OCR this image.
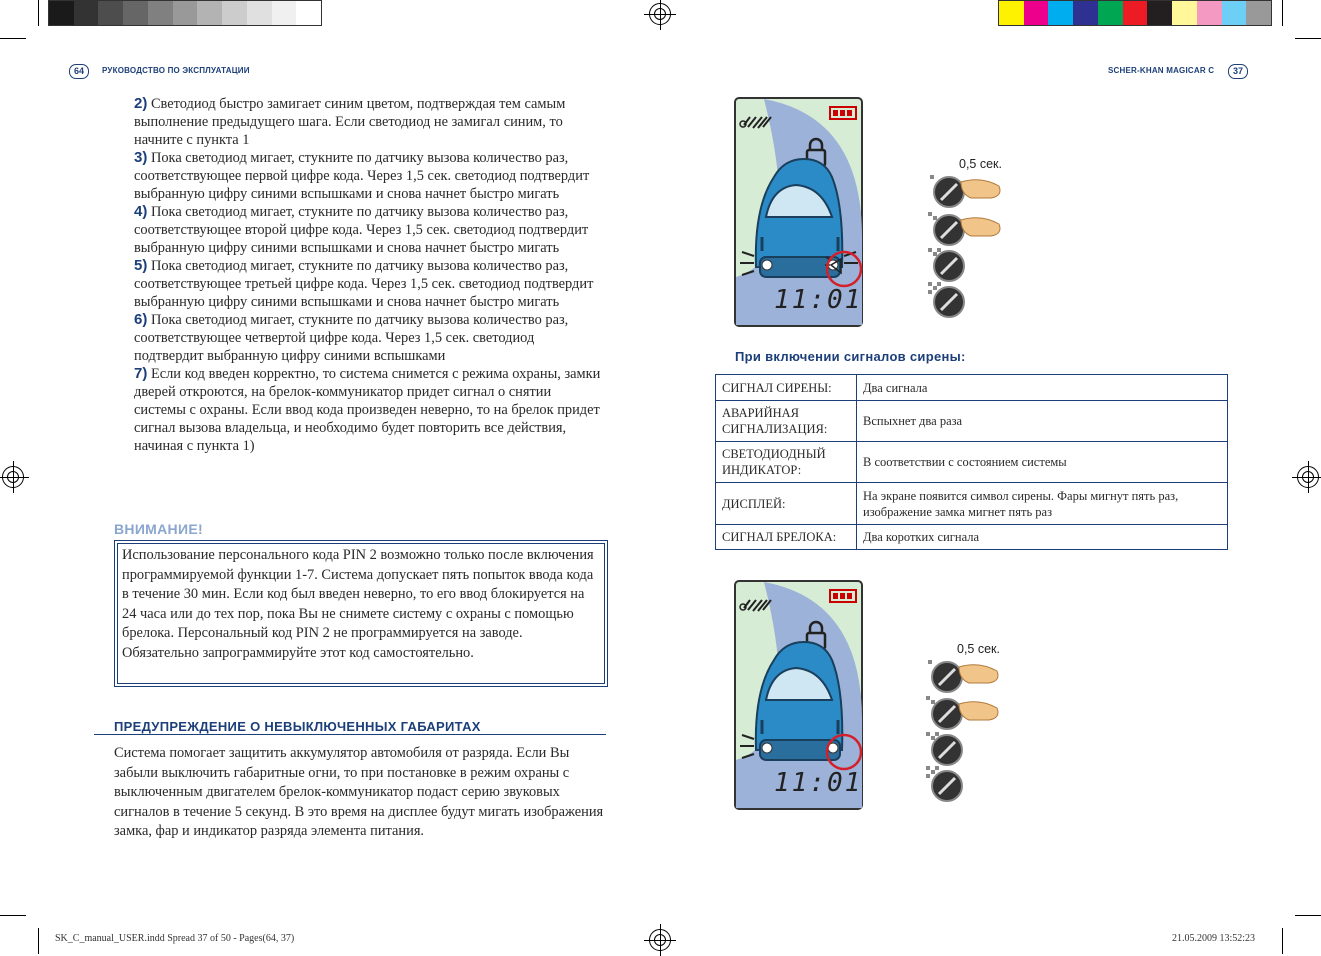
64	РУКОВОДСТВО ПО ЭКСПЛУАТАЦИИ	SCHER-KHAN MAGICAR C	37
2) Светодиод быстро замигает синим цветом, подтверждая тем самым выполнение предыдущего шага. Если светодиод не замигал синим, то начните с пункта 1
3) Пока светодиод мигает, стукните по датчику вызова количество раз, соответствующее первой цифре кода. Через 1,5 сек. светодиод подтвердит выбранную цифру синими вспышками и снова начнет быстро мигать
4) Пока светодиод мигает, стукните по датчику вызова количество раз, соответствующее второй цифре кода. Через 1,5 сек. светодиод подтвердит выбранную цифру синими вспышками и снова начнет быстро мигать
5) Пока светодиод мигает, стукните по датчику вызова количество раз, соответствующее третьей цифре кода. Через 1,5 сек. светодиод подтвердит выбранную цифру синими вспышками и снова начнет быстро мигать
6) Пока светодиод мигает, стукните по датчику вызова количество раз, соответствующее четвертой цифре кода. Через 1,5 сек. светодиод подтвердит выбранную цифру синими вспышками
7) Если код введен корректно, то система снимется с режима охраны, замки дверей откроются, на брелок-коммуникатор придет сигнал о снятии системы с охраны. Если ввод кода произведен неверно, то на брелок придет сигнал вызова владельца, и необходимо будет повторить все действия, начиная с пункта 1)
ВНИМАНИЕ!
Использование персонального кода PIN 2 возможно только после включения программируемой функции 1-7. Система допускает пять попыток ввода кода в течение 30 мин. Если код был введен неверно, то его ввод блокируется на 24 часа или до тех пор, пока Вы не снимете систему с охраны с помощью брелока. Персональный код PIN 2 не программируется на заводе. Обязательно запрограммируйте этот код самостоятельно.
ПРЕДУПРЕЖДЕНИЕ О НЕВЫКЛЮЧЕННЫХ ГАБАРИТАХ
Система помогает защитить аккумулятор автомобиля от разряда. Если Вы забыли выключить габаритные огни, то при постановке в режим охраны с выключенным двигателем брелок-коммуникатор подаст серию звуковых сигналов в течение 5 секунд. В это время на дисплее будут мигать изображения замка, фар и индикатор разряда элемента питания.
11:01
11:01
0,5 сек.
0,5 сек.
При включении сигналов сирены:
СИГНАЛ СИРЕНЫ:	Два сигнала
АВАРИЙНАЯ СИГНАЛИЗАЦИЯ:	Вспыхнет два раза
СВЕТОДИОДНЫЙ ИНДИКАТОР:	В соответствии с состоянием системы
ДИСПЛЕЙ:	На экране появится символ сирены. Фары мигнут пять раз, изображение замка мигнет пять раз
СИГНАЛ БРЕЛОКА:	Два коротких сигнала
SK_C_manual_USER.indd Spread 37 of 50 - Pages(64, 37)	21.05.2009 13:52:23
